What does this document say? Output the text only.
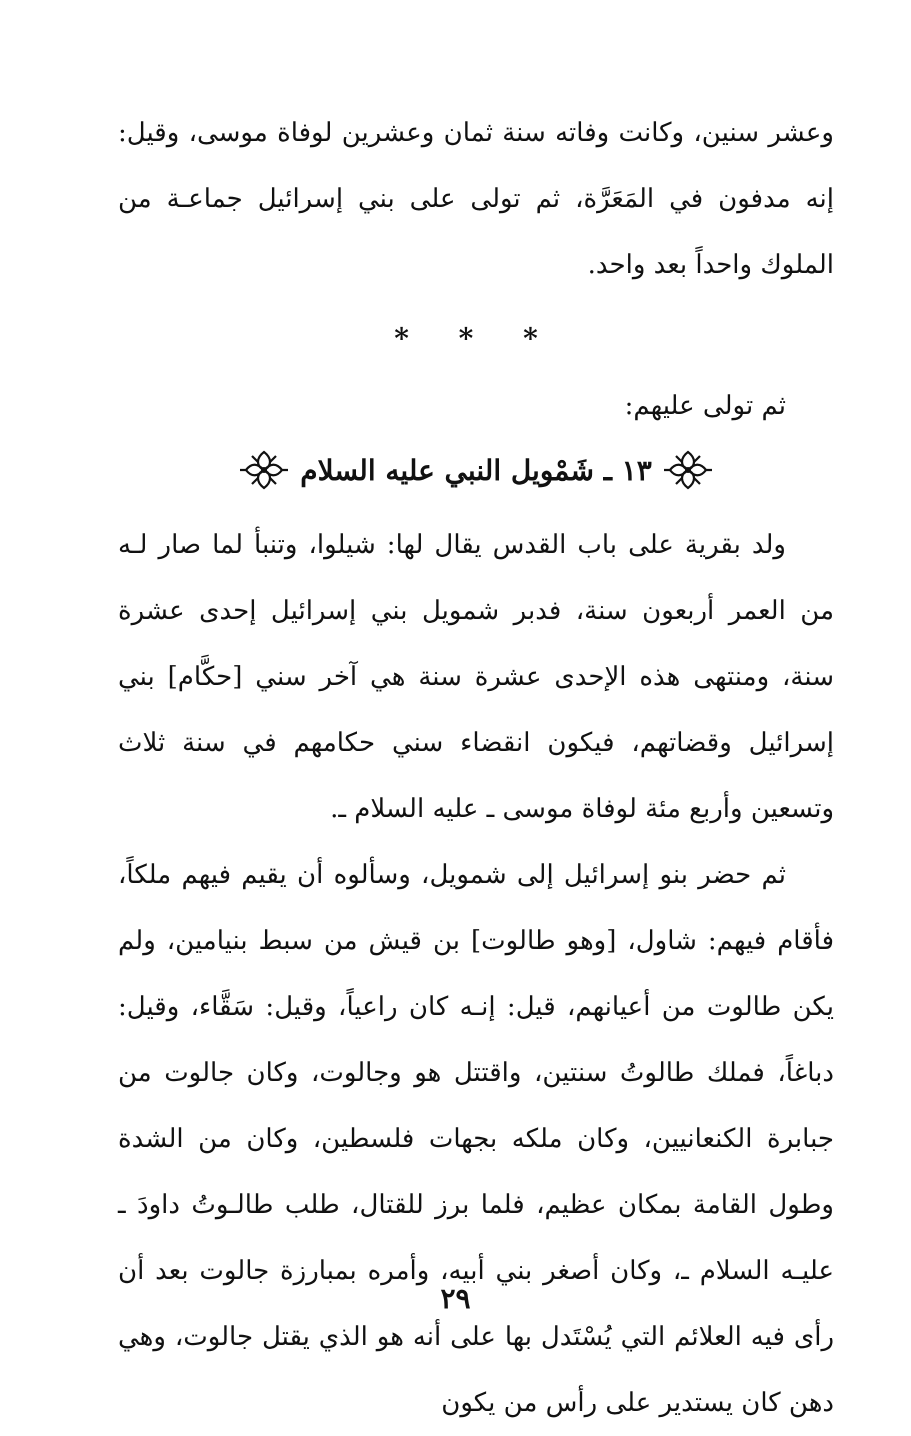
وعشر سنين، وكانت وفاته سنة ثمان وعشرين لوفاة موسى، وقيل: إنه مدفون في المَعَرَّة، ثم تولى على بني إسرائيل جماعـة من الملوك واحداً بعد واحد.

* * *

ثم تولى عليهم:

١٣ ـ شَمْويل النبي عليه السلام

ولد بقرية على باب القدس يقال لها: شيلوا، وتنبأ لما صار لـه من العمر أربعون سنة، فدبر شمويل بني إسرائيل إحدى عشرة سنة، ومنتهى هذه الإحدى عشرة سنة هي آخر سني [حكَّام] بني إسرائيل وقضاتهم، فيكون انقضاء سني حكامهم في سنة ثلاث وتسعين وأربع مئة لوفاة موسى ـ عليه السلام ـ.

ثم حضر بنو إسرائيل إلى شمويل، وسألوه أن يقيم فيهم ملكاً، فأقام فيهم: شاول، [وهو طالوت] بن قيش من سبط بنيامين، ولم يكن طالوت من أعيانهم، قيل: إنـه كان راعياً، وقيل: سَقَّاء، وقيل: دباغاً، فملك طالوتُ سنتين، واقتتل هو وجالوت، وكان جالوت من جبابرة الكنعانيين، وكان ملكه بجهات فلسطين، وكان من الشدة وطول القامة بمكان عظيم، فلما برز للقتال، طلب طالـوتُ داودَ ـ عليـه السلام ـ، وكان أصغر بني أبيه، وأمره بمبارزة جالوت بعد أن رأى فيه العلائم التي يُسْتَدل بها على أنه هو الذي يقتل جالوت، وهي دهن كان يستدير على رأس من يكون

٢٩
